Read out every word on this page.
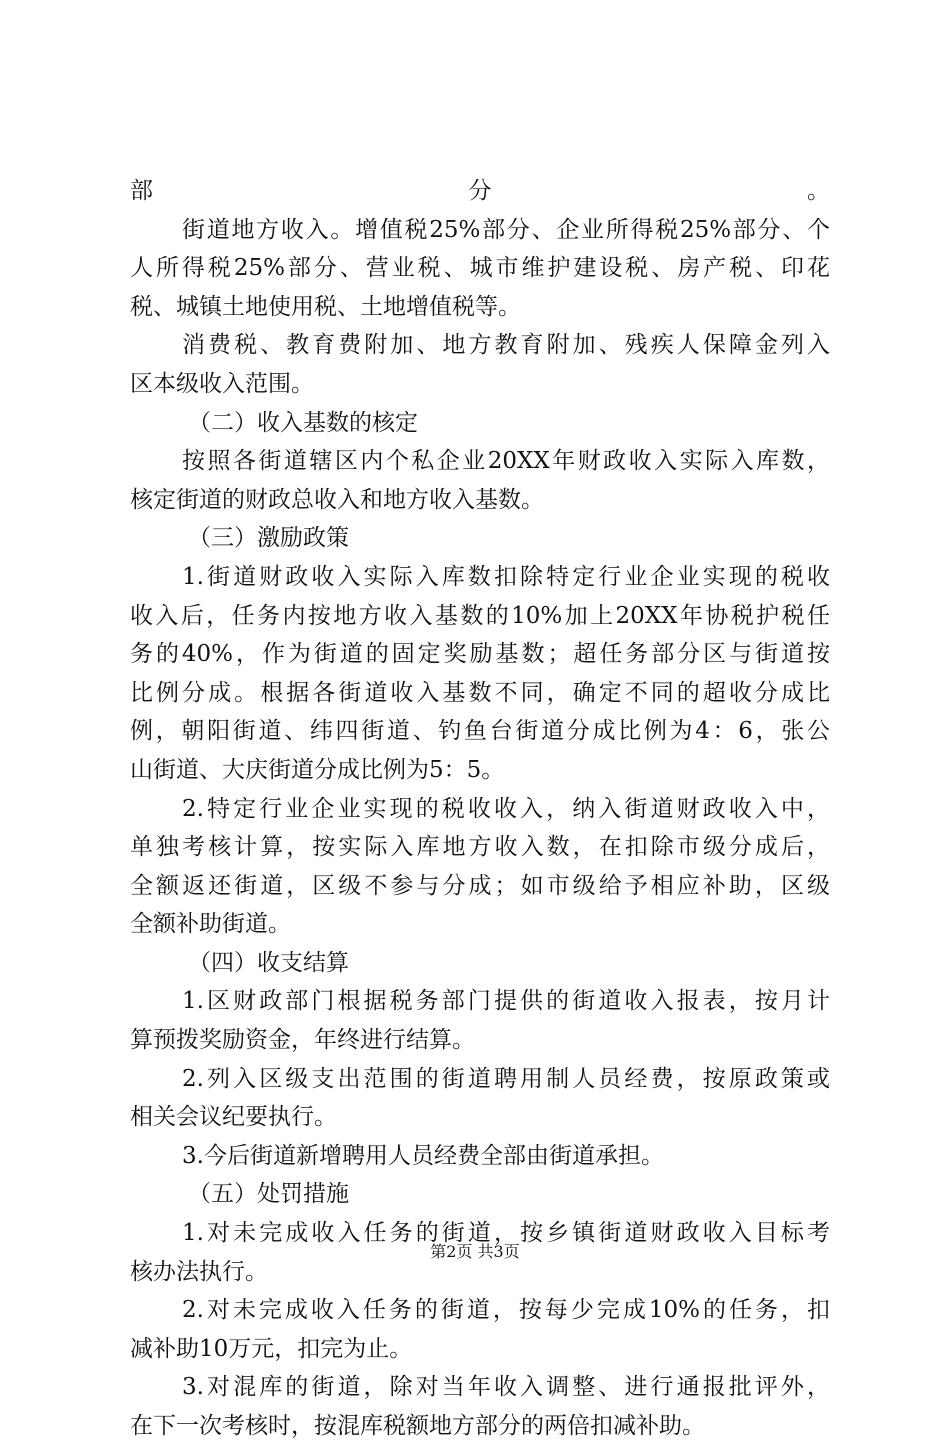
部分。
街道地方收入。增值税25%部分、企业所得税25%部分、个
人所得税25%部分、营业税、城市维护建设税、房产税、印花
税、城镇土地使用税、土地增值税等。
消费税、教育费附加、地方教育附加、残疾人保障金列入
区本级收入范围。
（二）收入基数的核定
按照各街道辖区内个私企业20XX年财政收入实际入库数，
核定街道的财政总收入和地方收入基数。
（三）激励政策
1.街道财政收入实际入库数扣除特定行业企业实现的税收
收入后，任务内按地方收入基数的10%加上20XX年协税护税任
务的40%，作为街道的固定奖励基数；超任务部分区与街道按
比例分成。根据各街道收入基数不同，确定不同的超收分成比
例，朝阳街道、纬四街道、钓鱼台街道分成比例为4：6，张公
山街道、大庆街道分成比例为5：5。
2.特定行业企业实现的税收收入，纳入街道财政收入中，
单独考核计算，按实际入库地方收入数，在扣除市级分成后，
全额返还街道，区级不参与分成；如市级给予相应补助，区级
全额补助街道。
（四）收支结算
1.区财政部门根据税务部门提供的街道收入报表，按月计
算预拨奖励资金，年终进行结算。
2.列入区级支出范围的街道聘用制人员经费，按原政策或
相关会议纪要执行。
3.今后街道新增聘用人员经费全部由街道承担。
（五）处罚措施
1.对未完成收入任务的街道，按乡镇街道财政收入目标考
核办法执行。
2.对未完成收入任务的街道，按每少完成10%的任务，扣
减补助10万元，扣完为止。
3.对混库的街道，除对当年收入调整、进行通报批评外，
在下一次考核时，按混库税额地方部分的两倍扣减补助。
第2页 共3页
